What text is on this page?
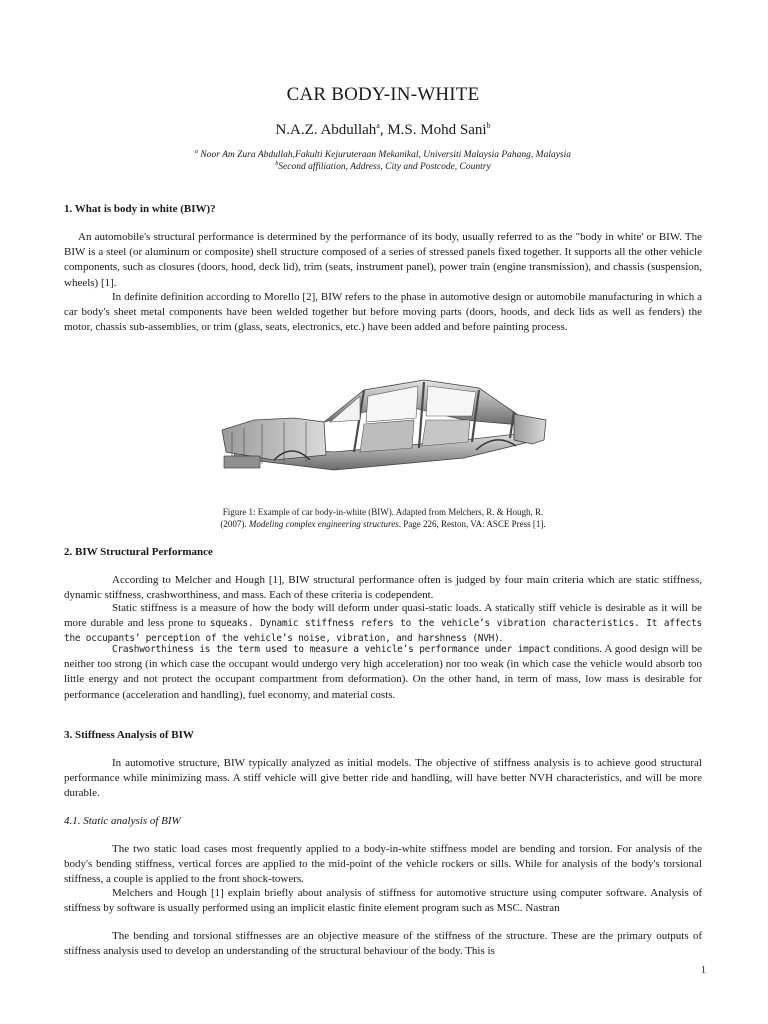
CAR BODY-IN-WHITE
N.A.Z. Abdullah$^a$, M.S. Mohd Sani$^b$
$^a$ Noor Am Zura Abdullah,Fakulti Kejuruteraan Mekanikal, Universiti Malaysia Pahang, Malaysia
$^b$Second affiliation, Address, City and Postcode, Country
1. What is body in white (BIW)?

An automobile's structural performance is determined by the performance of its body, usually referred to as the "body in white' or BIW. The BIW is a steel (or aluminum or composite) shell structure composed of a series of stressed panels fixed together. It supports all the other vehicle components, such as closures (doors, hood, deck lid), trim (seats, instrument panel), power train (engine transmission), and chassis (suspension, wheels) [1].

In definite definition according to Morello [2], BIW refers to the phase in automotive design or automobile manufacturing in which a car body's sheet metal components have been welded together but before moving parts (doors, hoods, and deck lids as well as fenders) the motor, chassis sub-assemblies, or trim (glass, seats, electronics, etc.) have been added and before painting process.

Figure 1: Example of car body-in-white (BIW). Adapted from Melchers, R. & Hough, R.
(2007). Modeling complex engineering structures. Page 226, Reston, VA: ASCE Press [1].
2. BIW Structural Performance

According to Melcher and Hough [1], BIW structural performance often is judged by four main criteria which are static stiffness, dynamic stiffness, crashworthiness, and mass. Each of these criteria is codependent.

Static stiffness is a measure of how the body will deform under quasi-static loads. A statically stiff vehicle is desirable as it will be more durable and less prone to squeaks. Dynamic stiffness refers to the vehicle’s vibration characteristics. It affects the occupants’ perception of the vehicle’s noise, vibration, and harshness (NVH).

Crashworthiness is the term used to measure a vehicle’s performance under impact conditions. A good design will be neither too strong (in which case the occupant would undergo very high acceleration) nor too weak (in which case the vehicle would absorb too little energy and not protect the occupant compartment from deformation). On the other hand, in term of mass, low mass is desirable for performance (acceleration and handling), fuel economy, and material costs.

3. Stiffness Analysis of BIW

In automotive structure, BIW typically analyzed as initial models. The objective of stiffness analysis is to achieve good structural performance while minimizing mass. A stiff vehicle will give better ride and handling, will have better NVH characteristics, and will be more durable.

4.1. Static analysis of BIW

The two static load cases most frequently applied to a body-in-white stiffness model are bending and torsion. For analysis of the body's bending stiffness, vertical forces are applied to the mid-point of the vehicle rockers or sills. While for analysis of the body's torsional stiffness, a couple is applied to the front shock-towers.

Melchers and Hough [1] explain briefly about analysis of stiffness for automotive structure using computer software. Analysis of stiffness by software is usually performed using an implicit elastic finite element program such as MSC. Nastran

The bending and torsional stiffnesses are an objective measure of the stiffness of the structure. These are the primary outputs of stiffness analysis used to develop an understanding of the structural behaviour of the body. This is

1
